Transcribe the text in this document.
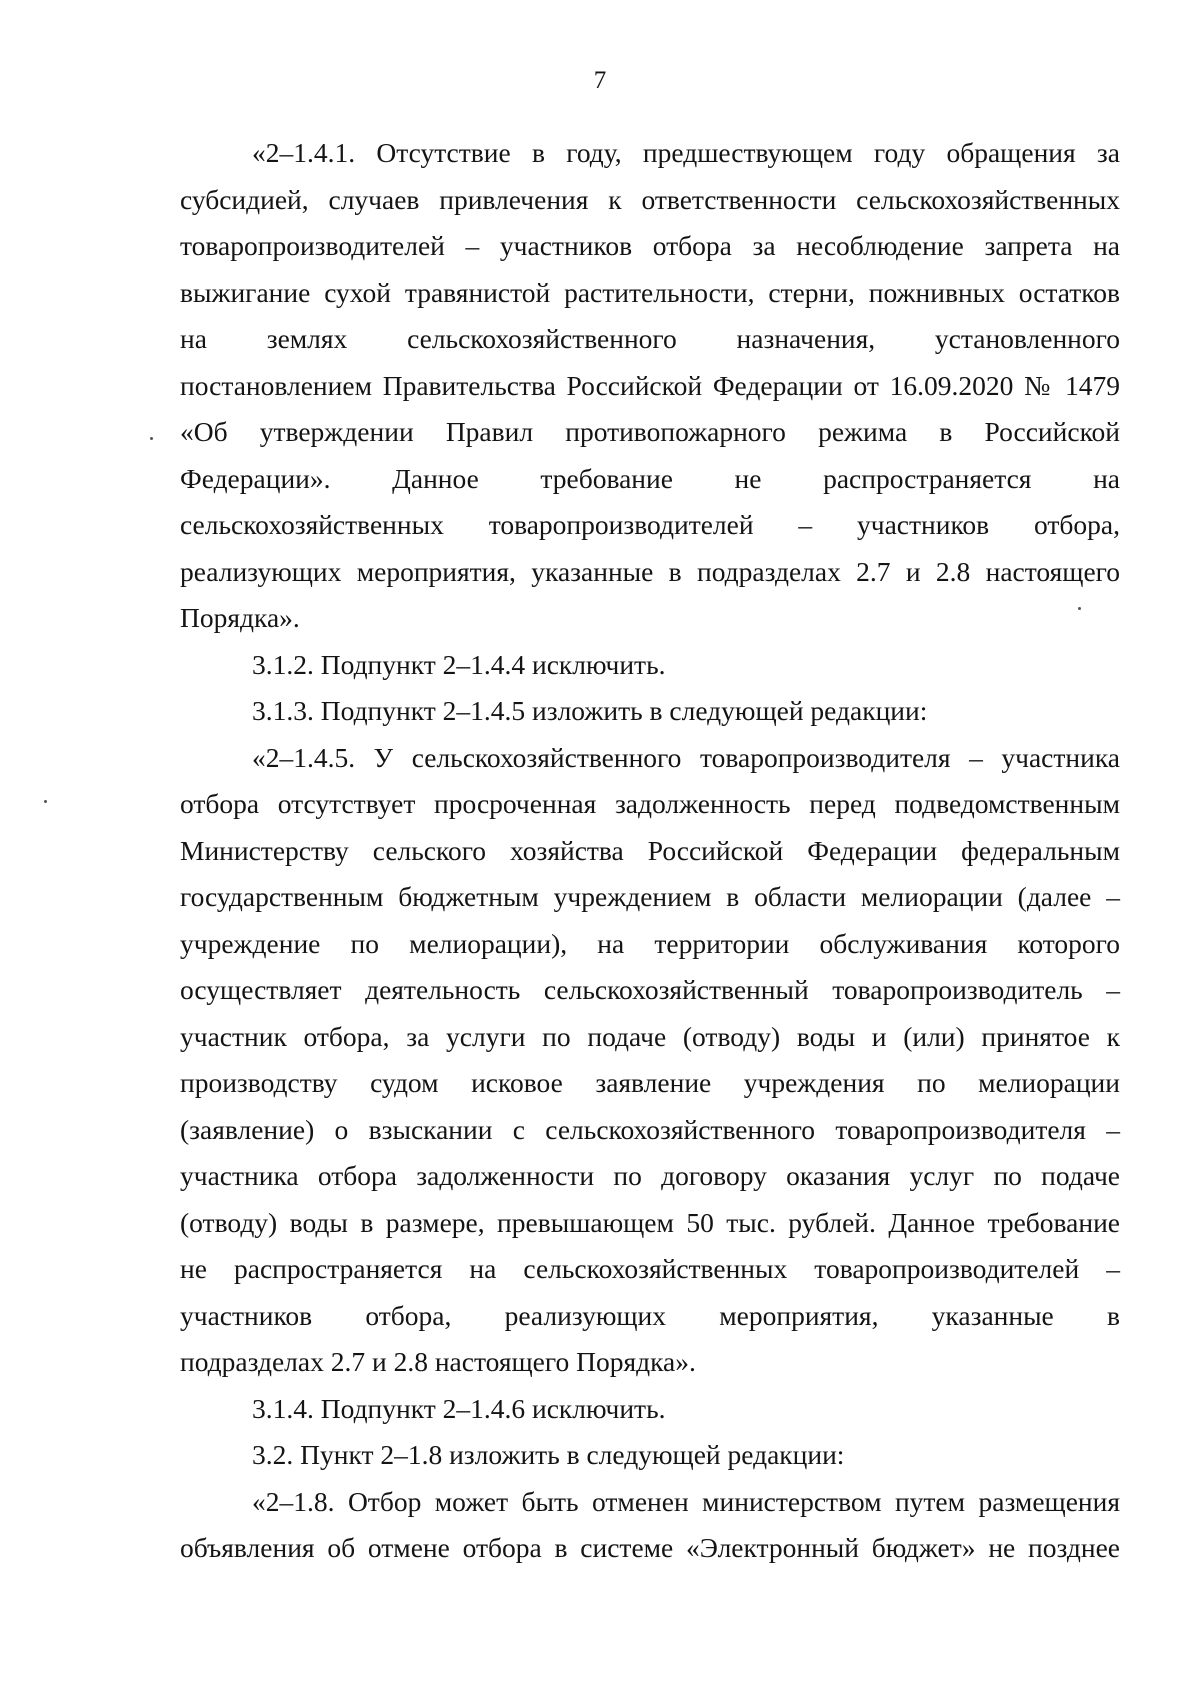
7
«2–1.4.1. Отсутствие в году, предшествующем году обращения за
субсидией, случаев привлечения к ответственности сельскохозяйственных
товаропроизводителей – участников отбора за несоблюдение запрета на
выжигание сухой травянистой растительности, стерни, пожнивных остатков
на землях сельскохозяйственного назначения, установленного
постановлением Правительства Российской Федерации от 16.09.2020 № 1479
«Об утверждении Правил противопожарного режима в Российской
Федерации». Данное требование не распространяется на
сельскохозяйственных товаропроизводителей – участников отбора,
реализующих мероприятия, указанные в подразделах 2.7 и 2.8 настоящего
Порядка».
3.1.2. Подпункт 2–1.4.4 исключить.
3.1.3. Подпункт 2–1.4.5 изложить в следующей редакции:
«2–1.4.5. У сельскохозяйственного товаропроизводителя – участника
отбора отсутствует просроченная задолженность перед подведомственным
Министерству сельского хозяйства Российской Федерации федеральным
государственным бюджетным учреждением в области мелиорации (далее –
учреждение по мелиорации), на территории обслуживания которого
осуществляет деятельность сельскохозяйственный товаропроизводитель –
участник отбора, за услуги по подаче (отводу) воды и (или) принятое к
производству судом исковое заявление учреждения по мелиорации
(заявление) о взыскании с сельскохозяйственного товаропроизводителя –
участника отбора задолженности по договору оказания услуг по подаче
(отводу) воды в размере, превышающем 50 тыс. рублей. Данное требование
не распространяется на сельскохозяйственных товаропроизводителей –
участников отбора, реализующих мероприятия, указанные в
подразделах 2.7 и 2.8 настоящего Порядка».
3.1.4. Подпункт 2–1.4.6 исключить.
3.2. Пункт 2–1.8 изложить в следующей редакции:
«2–1.8. Отбор может быть отменен министерством путем размещения
объявления об отмене отбора в системе «Электронный бюджет» не позднее
